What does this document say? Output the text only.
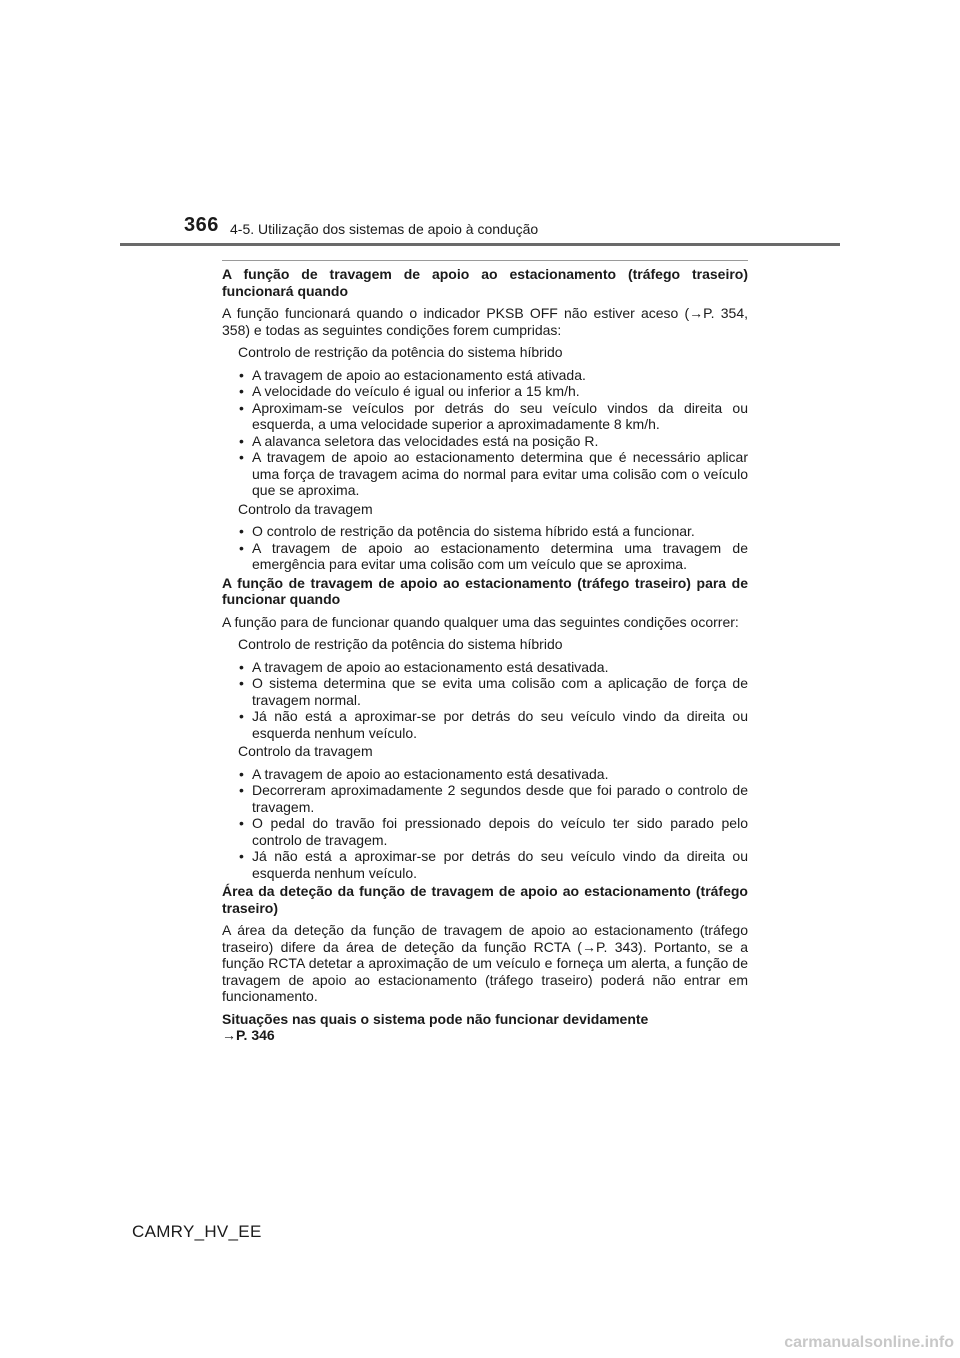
366 4-5. Utilização dos sistemas de apoio à condução

A função de travagem de apoio ao estacionamento (tráfego traseiro) funcionará quando

A função funcionará quando o indicador PKSB OFF não estiver aceso (→P. 354, 358) e todas as seguintes condições forem cumpridas:

Controlo de restrição da potência do sistema híbrido

• A travagem de apoio ao estacionamento está ativada.
• A velocidade do veículo é igual ou inferior a 15 km/h.
• Aproximam-se veículos por detrás do seu veículo vindos da direita ou esquerda, a uma velocidade superior a aproximadamente 8 km/h.
• A alavanca seletora das velocidades está na posição R.
• A travagem de apoio ao estacionamento determina que é necessário aplicar uma força de travagem acima do normal para evitar uma colisão com o veículo que se aproxima.

Controlo da travagem

• O controlo de restrição da potência do sistema híbrido está a funcionar.
• A travagem de apoio ao estacionamento determina uma travagem de emergência para evitar uma colisão com um veículo que se aproxima.

A função de travagem de apoio ao estacionamento (tráfego traseiro) para de funcionar quando

A função para de funcionar quando qualquer uma das seguintes condições ocorrer:

Controlo de restrição da potência do sistema híbrido

• A travagem de apoio ao estacionamento está desativada.
• O sistema determina que se evita uma colisão com a aplicação de força de travagem normal.
• Já não está a aproximar-se por detrás do seu veículo vindo da direita ou esquerda nenhum veículo.

Controlo da travagem

• A travagem de apoio ao estacionamento está desativada.
• Decorreram aproximadamente 2 segundos desde que foi parado o controlo de travagem.
• O pedal do travão foi pressionado depois do veículo ter sido parado pelo controlo de travagem.
• Já não está a aproximar-se por detrás do seu veículo vindo da direita ou esquerda nenhum veículo.

Área da deteção da função de travagem de apoio ao estacionamento (tráfego traseiro)

A área da deteção da função de travagem de apoio ao estacionamento (tráfego traseiro) difere da área de deteção da função RCTA (→P. 343). Portanto, se a função RCTA detetar a aproximação de um veículo e forneça um alerta, a função de travagem de apoio ao estacionamento (tráfego traseiro) poderá não entrar em funcionamento.

Situações nas quais o sistema pode não funcionar devidamente

→P. 346

CAMRY_HV_EE
carmanualsonline.info
